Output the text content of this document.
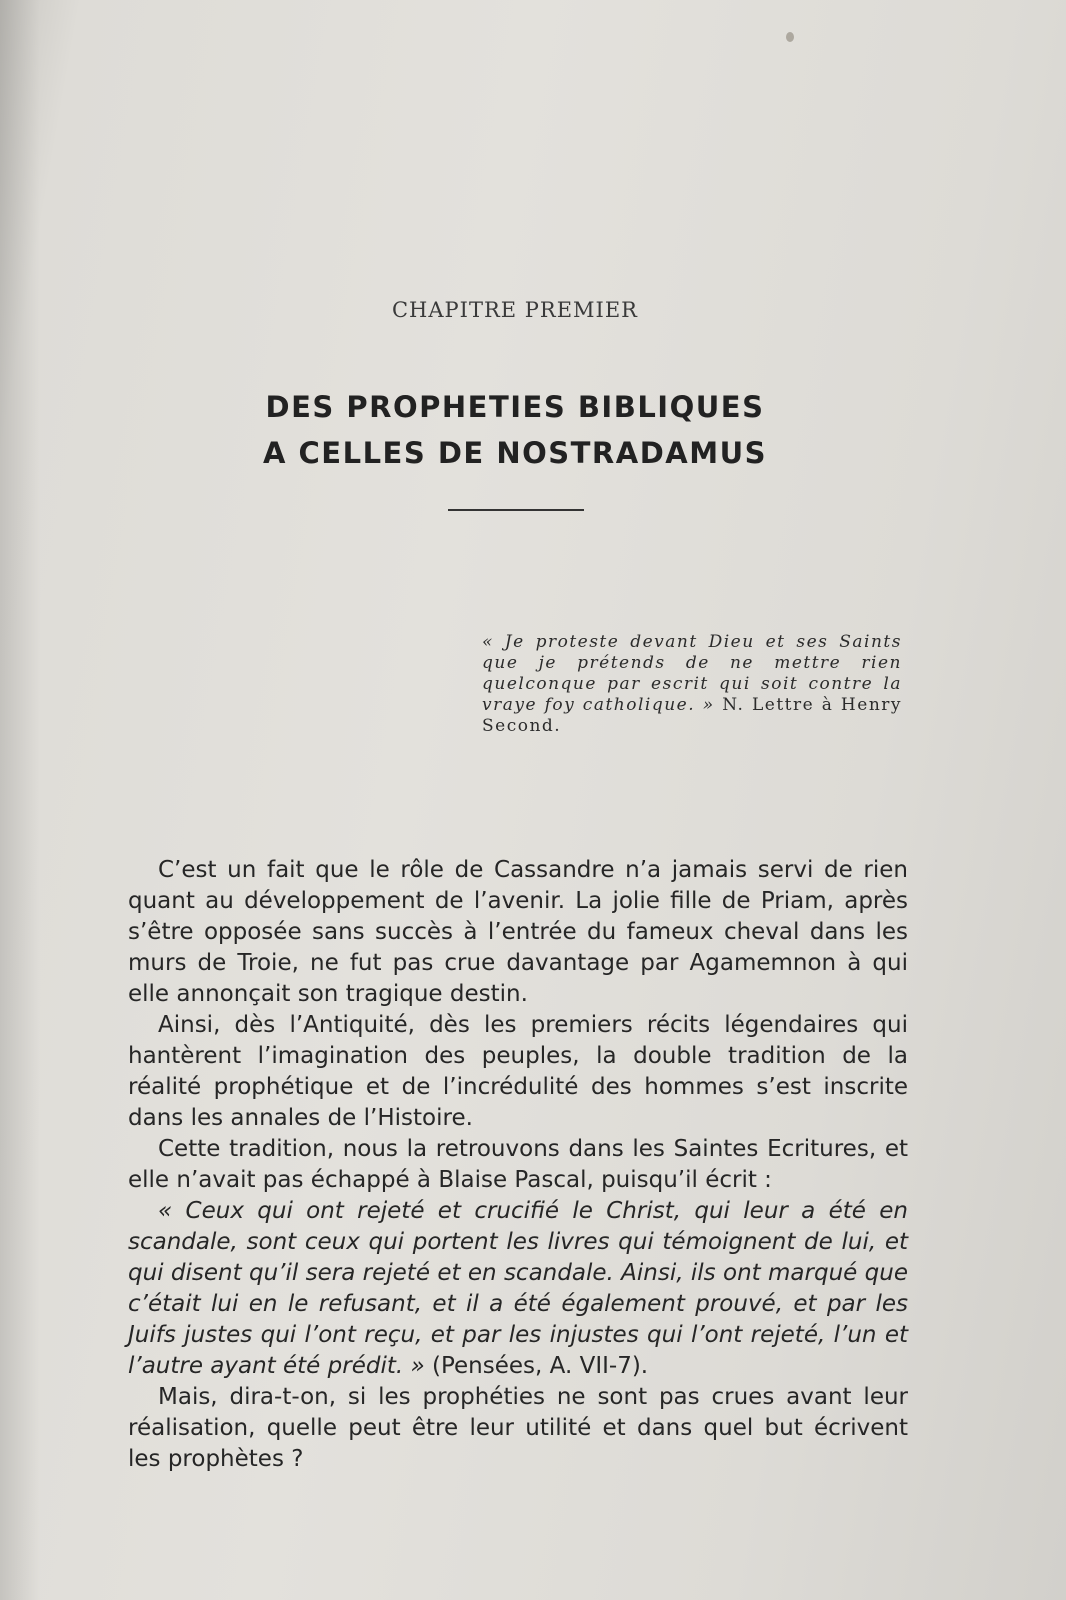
CHAPITRE PREMIER
DES PROPHETIES BIBLIQUES
A CELLES DE NOSTRADAMUS
« Je proteste devant Dieu et ses Saints que je prétends de ne mettre rien quelconque par escrit qui soit contre la vraye foy catholique. » N. Lettre à Henry Second.

C’est un fait que le rôle de Cassandre n’a jamais servi de rien quant au développement de l’avenir. La jolie fille de Priam, après s’être opposée sans succès à l’entrée du fameux cheval dans les murs de Troie, ne fut pas crue davantage par Agamemnon à qui elle annonçait son tragique destin.

Ainsi, dès l’Antiquité, dès les premiers récits légendaires qui hantèrent l’imagination des peuples, la double tradition de la réalité prophétique et de l’incrédulité des hommes s’est inscrite dans les annales de l’Histoire.

Cette tradition, nous la retrouvons dans les Saintes Ecritures, et elle n’avait pas échappé à Blaise Pascal, puisqu’il écrit :

« Ceux qui ont rejeté et crucifié le Christ, qui leur a été en scandale, sont ceux qui portent les livres qui témoignent de lui, et qui disent qu’il sera rejeté et en scandale. Ainsi, ils ont marqué que c’était lui en le refusant, et il a été également prouvé, et par les Juifs justes qui l’ont reçu, et par les injustes qui l’ont rejeté, l’un et l’autre ayant été prédit. » (Pensées, A. VII-7).

Mais, dira-t-on, si les prophéties ne sont pas crues avant leur réalisation, quelle peut être leur utilité et dans quel but écrivent les prophètes ?
